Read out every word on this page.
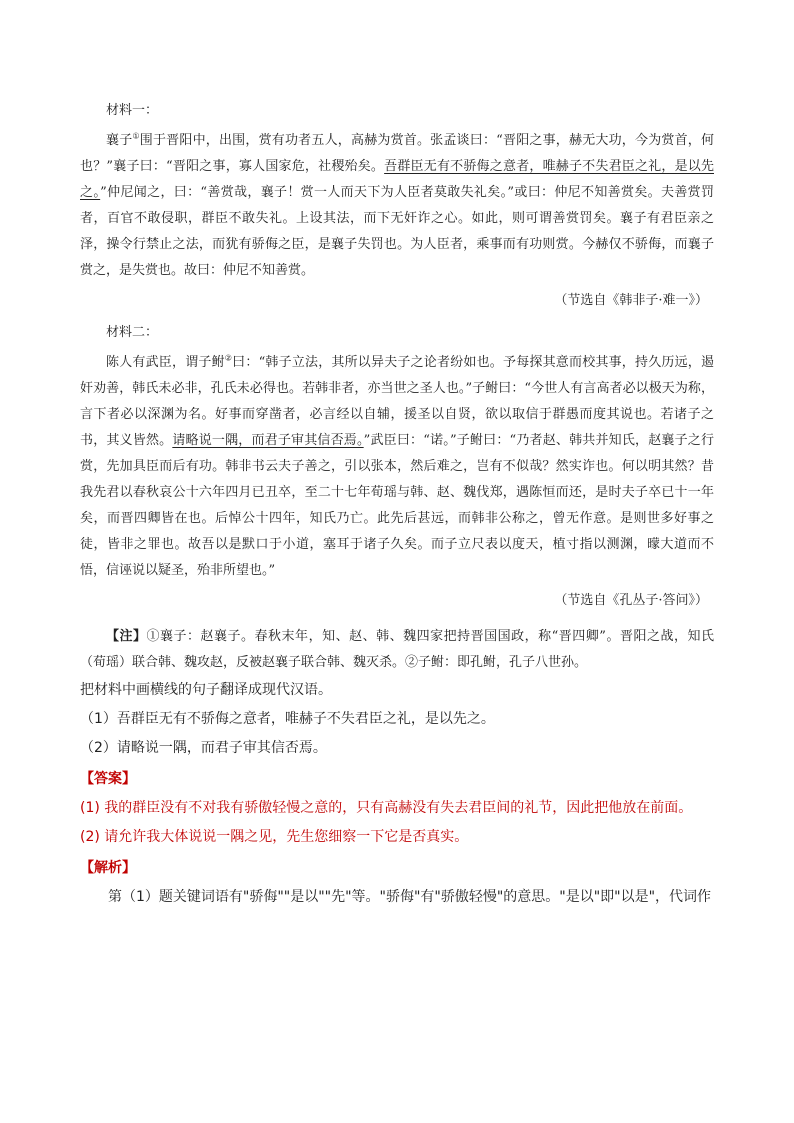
材料一：

襄子①围于晋阳中，出围，赏有功者五人，高赫为赏首。张孟谈曰：“晋阳之事，赫无大功，今为赏首，何也？”襄子曰：“晋阳之事，寡人国家危，社稷殆矣。吾群臣无有不骄侮之意者，唯赫子不失君臣之礼，是以先之。”仲尼闻之，曰：“善赏哉，襄子！赏一人而天下为人臣者莫敢失礼矣。”或曰：仲尼不知善赏矣。夫善赏罚者，百官不敢侵职，群臣不敢失礼。上设其法，而下无奸诈之心。如此，则可谓善赏罚矣。襄子有君臣亲之泽，操令行禁止之法，而犹有骄侮之臣，是襄子失罚也。为人臣者，乘事而有功则赏。今赫仅不骄侮，而襄子赏之，是失赏也。故曰：仲尼不知善赏。

（节选自《韩非子·难一》）

材料二：

陈人有武臣，谓子鲋②曰：“韩子立法，其所以异夫子之论者纷如也。予每探其意而校其事，持久历远，遏奸劝善，韩氏未必非，孔氏未必得也。若韩非者，亦当世之圣人也。”子鲋曰：“今世人有言高者必以极天为称，言下者必以深渊为名。好事而穿凿者，必言经以自辅，援圣以自贤，欲以取信于群愚而度其说也。若诸子之书，其义皆然。请略说一隅，而君子审其信否焉。”武臣曰：“诺。”子鲋曰：“乃者赵、韩共并知氏，赵襄子之行赏，先加具臣而后有功。韩非书云夫子善之，引以张本，然后难之，岂有不似哉？然实诈也。何以明其然？昔我先君以春秋哀公十六年四月已丑卒，至二十七年荀瑶与韩、赵、魏伐郑，遇陈恒而还，是时夫子卒已十一年矣，而晋四卿皆在也。后悼公十四年，知氏乃亡。此先后甚远，而韩非公称之，曾无作意。是则世多好事之徒，皆非之罪也。故吾以是默口于小道，塞耳于诸子久矣。而子立尺表以度天，植寸指以测渊，曚大道而不悟，信诬说以疑圣，殆非所望也。”

（节选自《孔丛子·答问》）

【注】①襄子：赵襄子。春秋末年，知、赵、韩、魏四家把持晋国国政，称“晋四卿”。晋阳之战，知氏（荀瑶）联合韩、魏攻赵，反被赵襄子联合韩、魏灭杀。②子鲋：即孔鲋，孔子八世孙。

把材料中画横线的句子翻译成现代汉语。

（1）吾群臣无有不骄侮之意者，唯赫子不失君臣之礼，是以先之。

（2）请略说一隅，而君子审其信否焉。

【答案】

(1) 我的群臣没有不对我有骄傲轻慢之意的，只有高赫没有失去君臣间的礼节，因此把他放在前面。

(2) 请允许我大体说说一隅之见，先生您细察一下它是否真实。

【解析】

第（1）题关键词语有"骄侮""是以""先"等。"骄侮"有"骄傲轻慢"的意思。"是以"即"以是"，代词作
